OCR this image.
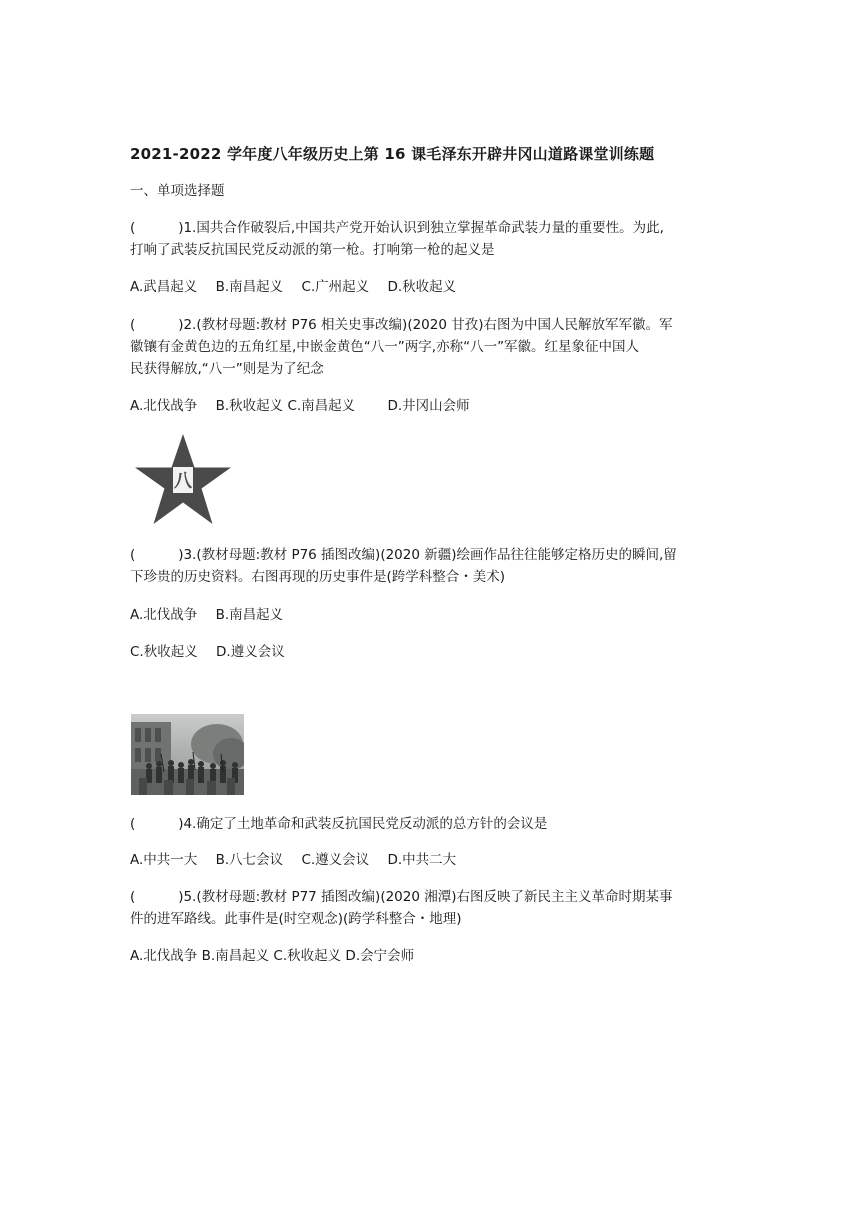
2021-2022 学年度八年级历史上第 16 课毛泽东开辟井冈山道路课堂训练题
一、单项选择题
(          )1.国共合作破裂后,中国共产党开始认识到独立掌握革命武装力量的重要性。为此,
打响了武装反抗国民党反动派的第一枪。打响第一枪的起义是
A.武昌起义 B.南昌起义 C.广州起义 D.秋收起义
(          )2.(教材母题:教材 P76 相关史事改编)(2020 甘孜)右图为中国人民解放军军徽。军
徽镶有金黄色边的五角红星,中嵌金黄色“八一”两字,亦称“八一”军徽。红星象征中国人
民获得解放,“八一”则是为了纪念
A.北伐战争 B.秋收起义 C.南昌起义 D.井冈山会师
八
(          )3.(教材母题:教材 P76 插图改编)(2020 新疆)绘画作品往往能够定格历史的瞬间,留
下珍贵的历史资料。右图再现的历史事件是(跨学科整合・美术)
A.北伐战争 B.南昌起义
C.秋收起义 D.遵义会议
(          )4.确定了土地革命和武装反抗国民党反动派的总方针的会议是
A.中共一大 B.八七会议 C.遵义会议 D.中共二大
(          )5.(教材母题:教材 P77 插图改编)(2020 湘潭)右图反映了新民主主义革命时期某事
件的进军路线。此事件是(时空观念)(跨学科整合・地理)
A.北伐战争 B.南昌起义 C.秋收起义 D.会宁会师
